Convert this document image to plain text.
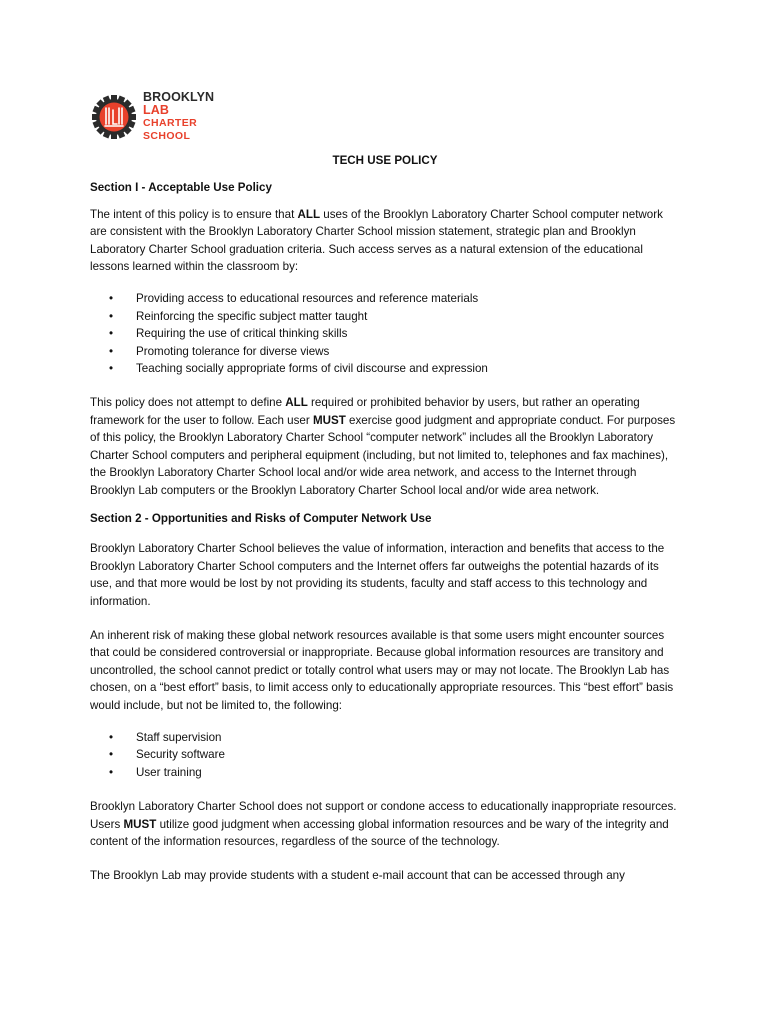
BROOKLYN LAB
CHARTER SCHOOL
TECH USE POLICY
Section I - Acceptable Use Policy

The intent of this policy is to ensure that ALL uses of the Brooklyn Laboratory Charter School computer network are consistent with the Brooklyn Laboratory Charter School mission statement, strategic plan and Brooklyn Laboratory Charter School graduation criteria. Such access serves as a natural extension of the educational lessons learned within the classroom by:

• Providing access to educational resources and reference materials
• Reinforcing the specific subject matter taught
• Requiring the use of critical thinking skills
• Promoting tolerance for diverse views
• Teaching socially appropriate forms of civil discourse and expression

This policy does not attempt to define ALL required or prohibited behavior by users, but rather an operating framework for the user to follow. Each user MUST exercise good judgment and appropriate conduct. For purposes of this policy, the Brooklyn Laboratory Charter School “computer network” includes all the Brooklyn Laboratory Charter School computers and peripheral equipment (including, but not limited to, telephones and fax machines), the Brooklyn Laboratory Charter School local and/or wide area network, and access to the Internet through Brooklyn Lab computers or the Brooklyn Laboratory Charter School local and/or wide area network.

Section 2 - Opportunities and Risks of Computer Network Use

Brooklyn Laboratory Charter School believes the value of information, interaction and benefits that access to the Brooklyn Laboratory Charter School computers and the Internet offers far outweighs the potential hazards of its use, and that more would be lost by not providing its students, faculty and staff access to this technology and information.

An inherent risk of making these global network resources available is that some users might encounter sources that could be considered controversial or inappropriate. Because global information resources are transitory and uncontrolled, the school cannot predict or totally control what users may or may not locate. The Brooklyn Lab has chosen, on a “best effort” basis, to limit access only to educationally appropriate resources. This “best effort” basis would include, but not be limited to, the following:

• Staff supervision
• Security software
• User training

Brooklyn Laboratory Charter School does not support or condone access to educationally inappropriate resources. Users MUST utilize good judgment when accessing global information resources and be wary of the integrity and content of the information resources, regardless of the source of the technology.

The Brooklyn Lab may provide students with a student e-mail account that can be accessed through any
